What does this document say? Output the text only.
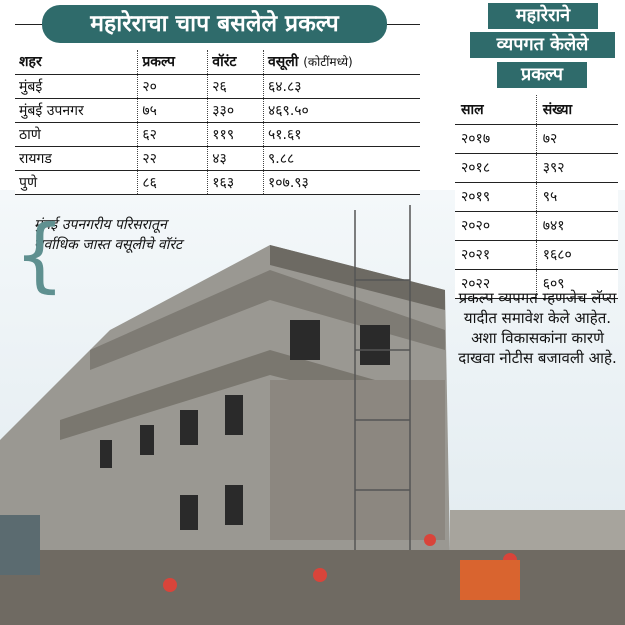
महारेराचा चाप बसलेले प्रकल्प
शहर	प्रकल्प	वॉरंट	वसूली (कोटींमध्ये)
मुंबई	२०	२६	६४.८३
मुंबई उपनगर	७५	३३०	४६९.५०
ठाणे	६२	११९	५१.६१
रायगड	२२	४३	९.८८
पुणे	८६	१६३	१०७.९३
महारेराने
व्यपगत केलेले
प्रकल्प
साल	संख्या
२०१७	७२
२०१८	३९२
२०१९	९५
२०२०	७४१
२०२१	१६८०
२०२२	६०९
प्रकल्प व्यपगत म्हणजेच लॅप्स यादीत समावेश केले आहेत. अशा विकासकांना कारणे दाखवा नोटीस बजावली आहे.
{
मुंबई उपनगरीय परिसरातून सर्वाधिक जास्त वसूलीचे वॉरंट
